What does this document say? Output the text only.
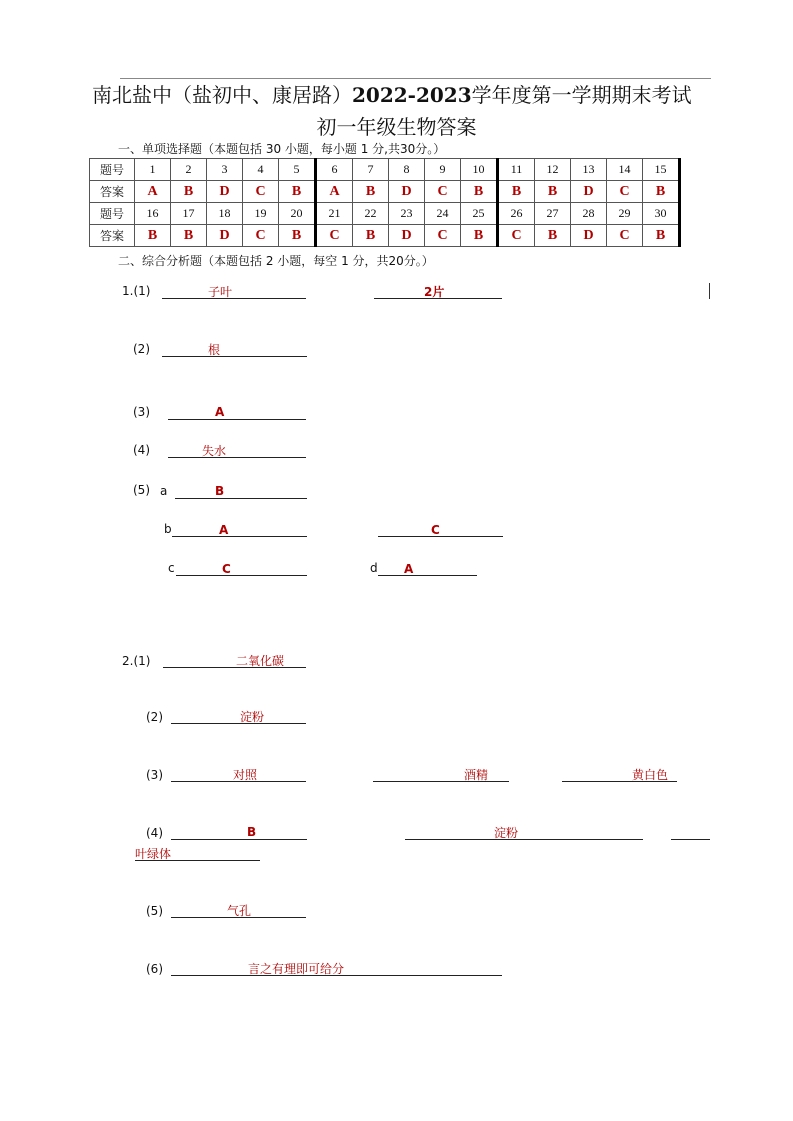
南北盐中（盐初中、康居路）2022-2023学年度第一学期期末考试
初一年级生物答案
一、单项选择题（本题包括 30 小题，每小题 1 分,共30分。）
题号	1	2	3	4	5	6	7	8	9	10	11	12	13	14	15
答案	A	B	D	C	B	A	B	D	C	B	B	B	D	C	B
题号	16	17	18	19	20	21	22	23	24	25	26	27	28	29	30
答案	B	B	D	C	B	C	B	D	C	B	C	B	D	C	B
二、综合分析题（本题包括 2 小题，每空 1 分，共20分。）
1.(1)	子叶	2片
(2)	根
(3)	A
(4)	失水
(5) a	B
b	A	C
c	C	d A
2.(1)	二氧化碳
(2)	淀粉
(3)	对照	酒精	黄白色
(4)	B	淀粉
叶绿体
(5)	气孔
(6)	言之有理即可给分
